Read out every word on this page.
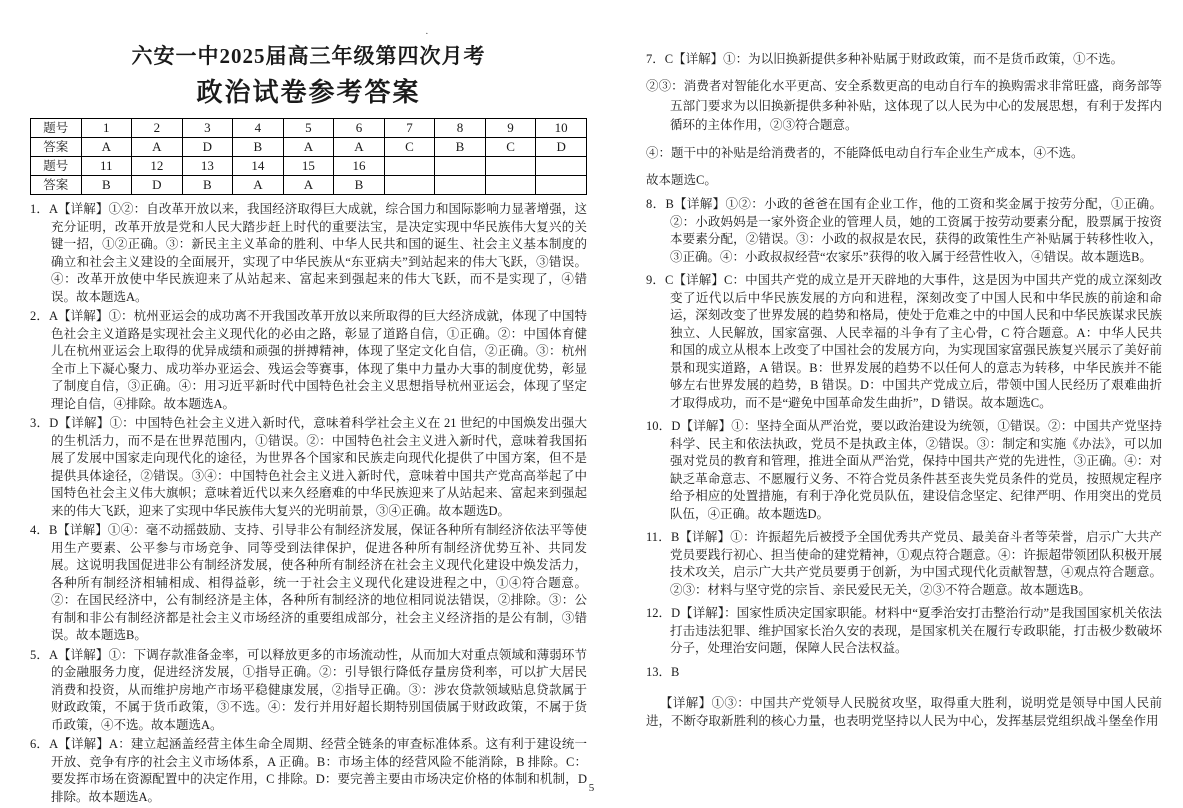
·
六安一中2025届高三年级第四次月考
政治试卷参考答案
题号	1	2	3	4	5	6	7	8	9	10
答案	A	A	D	B	A	A	C	B	C	D
题号	11	12	13	14	15	16				
答案	B	D	B	A	A	B				

1．A【详解】①②：自改革开放以来，我国经济取得巨大成就，综合国力和国际影响力显著增强，这充分证明，改革开放是党和人民大踏步赶上时代的重要法宝，是决定实现中华民族伟大复兴的关键一招，①②正确。③：新民主主义革命的胜利、中华人民共和国的诞生、社会主义基本制度的确立和社会主义建设的全面展开，实现了中华民族从“东亚病夫”到站起来的伟大飞跃，③错误。④：改革开放使中华民族迎来了从站起来、富起来到强起来的伟大飞跃，而不是实现了，④错误。故本题选A。

2．A【详解】①：杭州亚运会的成功离不开我国改革开放以来所取得的巨大经济成就，体现了中国特色社会主义道路是实现社会主义现代化的必由之路，彰显了道路自信，①正确。②：中国体育健儿在杭州亚运会上取得的优异成绩和顽强的拼搏精神，体现了坚定文化自信，②正确。③：杭州全市上下凝心聚力、成功举办亚运会、残运会等赛事，体现了集中力量办大事的制度优势，彰显了制度自信，③正确。④：用习近平新时代中国特色社会主义思想指导杭州亚运会，体现了坚定理论自信，④排除。故本题选A。

3．D【详解】①：中国特色社会主义进入新时代，意味着科学社会主义在 21 世纪的中国焕发出强大的生机活力，而不是在世界范围内，①错误。②：中国特色社会主义进入新时代，意味着我国拓展了发展中国家走向现代化的途径，为世界各个国家和民族走向现代化提供了中国方案，但不是提供具体途径，②错误。③④：中国特色社会主义进入新时代，意味着中国共产党高高举起了中国特色社会主义伟大旗帜；意味着近代以来久经磨难的中华民族迎来了从站起来、富起来到强起来的伟大飞跃，迎来了实现中华民族伟大复兴的光明前景，③④正确。故本题选D。

4．B【详解】①④：毫不动摇鼓励、支持、引导非公有制经济发展，保证各种所有制经济依法平等使用生产要素、公平参与市场竞争、同等受到法律保护，促进各种所有制经济优势互补、共同发展。这说明我国促进非公有制经济发展，使各种所有制经济在社会主义现代化建设中焕发活力，各种所有制经济相辅相成、相得益彰，统一于社会主义现代化建设进程之中，①④符合题意。②：在国民经济中，公有制经济是主体，各种所有制经济的地位相同说法错误，②排除。③：公有制和非公有制经济都是社会主义市场经济的重要组成部分，社会主义经济指的是公有制，③错误。故本题选B。

5．A【详解】①：下调存款准备金率，可以释放更多的市场流动性，从而加大对重点领域和薄弱环节的金融服务力度，促进经济发展，①指导正确。②：引导银行降低存量房贷利率，可以扩大居民消费和投资，从而维护房地产市场平稳健康发展，②指导正确。③：涉农贷款领域贴息贷款属于财政政策，不属于货币政策，③不选。④：发行并用好超长期特别国债属于财政政策，不属于货币政策，④不选。故本题选A。

6．A【详解】A：建立起涵盖经营主体生命全周期、经营全链条的审查标准体系。这有利于建设统一开放、竞争有序的社会主义市场体系，A 正确。B：市场主体的经营风险不能消除，B 排除。C：要发挥市场在资源配置中的决定作用，C 排除。D：要完善主要由市场决定价格的体制和机制，D 排除。故本题选A。

7．C【详解】①：为以旧换新提供多种补贴属于财政政策，而不是货币政策，①不选。

②③：消费者对智能化水平更高、安全系数更高的电动自行车的换购需求非常旺盛，商务部等五部门要求为以旧换新提供多种补贴，这体现了以人民为中心的发展思想，有利于发挥内循环的主体作用，②③符合题意。

④：题干中的补贴是给消费者的，不能降低电动自行车企业生产成本，④不选。

故本题选C。

8．B【详解】①②：小政的爸爸在国有企业工作，他的工资和奖金属于按劳分配，①正确。②：小政妈妈是一家外资企业的管理人员，她的工资属于按劳动要素分配，股票属于按资本要素分配，②错误。③：小政的叔叔是农民，获得的政策性生产补贴属于转移性收入，③正确。④：小政叔叔经营“农家乐”获得的收入属于经营性收入，④错误。故本题选B。

9．C【详解】C：中国共产党的成立是开天辟地的大事件，这是因为中国共产党的成立深刻改变了近代以后中华民族发展的方向和进程，深刻改变了中国人民和中华民族的前途和命运，深刻改变了世界发展的趋势和格局，使处于危难之中的中国人民和中华民族谋求民族独立、人民解放，国家富强、人民幸福的斗争有了主心骨，C 符合题意。A：中华人民共和国的成立从根本上改变了中国社会的发展方向，为实现国家富强民族复兴展示了美好前景和现实道路，A 错误。B：世界发展的趋势不以任何人的意志为转移，中华民族并不能够左右世界发展的趋势，B 错误。D：中国共产党成立后，带领中国人民经历了艰难曲折才取得成功，而不是“避免中国革命发生曲折”，D 错误。故本题选C。

10．D【详解】①：坚持全面从严治党，要以政治建设为统领，①错误。②：中国共产党坚持科学、民主和依法执政，党员不是执政主体，②错误。③：制定和实施《办法》，可以加强对党员的教育和管理，推进全面从严治党，保持中国共产党的先进性，③正确。④：对缺乏革命意志、不愿履行义务、不符合党员条件甚至丧失党员条件的党员，按照规定程序给予相应的处置措施，有利于净化党员队伍，建设信念坚定、纪律严明、作用突出的党员队伍，④正确。故本题选D。

11．B【详解】①：许振超先后被授予全国优秀共产党员、最美奋斗者等荣誉，启示广大共产党员要践行初心、担当使命的建党精神，①观点符合题意。④：许振超带领团队积极开展技术攻关，启示广大共产党员要勇于创新，为中国式现代化贡献智慧，④观点符合题意。②③：材料与坚守党的宗旨、亲民爱民无关，②③不符合题意。故本题选B。

12．D【详解】：国家性质决定国家职能。材料中“夏季治安打击整治行动”是我国国家机关依法打击违法犯罪、维护国家长治久安的表现，是国家机关在履行专政职能，打击极少数破坏分子，处理治安问题，保障人民合法权益。

13．B

【详解】①③：中国共产党领导人民脱贫攻坚，取得重大胜利，说明党是领导中国人民前进，不断夺取新胜利的核心力量，也表明党坚持以人民为中心，发挥基层党组织战斗堡垒作用

5
